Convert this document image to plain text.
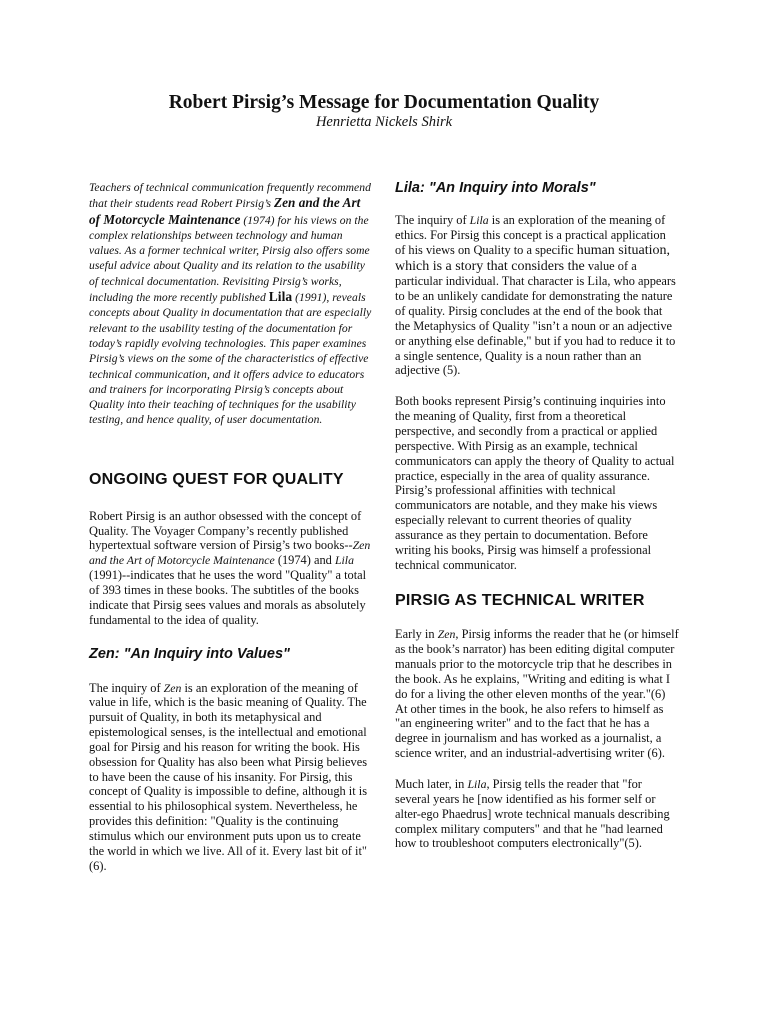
Robert Pirsig’s Message for Documentation Quality

Henrietta Nickels Shirk

Teachers of technical communication frequently recommend that their students read Robert Pirsig’s Zen and the Art of Motorcycle Maintenance (1974) for his views on the complex relationships between technology and human values. As a former technical writer, Pirsig also offers some useful advice about Quality and its relation to the usability of technical documentation. Revisiting Pirsig’s works, including the more recently published Lila (1991), reveals concepts about Quality in documentation that are especially relevant to the usability testing of the documentation for today’s rapidly evolving technologies. This paper examines Pirsig’s views on the some of the characteristics of effective technical communication, and it offers advice to educators and trainers for incorporating Pirsig’s concepts about Quality into their teaching of techniques for the usability testing, and hence quality, of user documentation.

ONGOING QUEST FOR QUALITY

Robert Pirsig is an author obsessed with the concept of Quality. The Voyager Company’s recently published hypertextual software version of Pirsig’s two books--Zen and the Art of Motorcycle Maintenance (1974) and Lila (1991)--indicates that he uses the word "Quality" a total of 393 times in these books. The subtitles of the books indicate that Pirsig sees values and morals as absolutely fundamental to the idea of quality.

Zen: "An Inquiry into Values"

The inquiry of Zen is an exploration of the meaning of value in life, which is the basic meaning of Quality. The pursuit of Quality, in both its metaphysical and epistemological senses, is the intellectual and emotional goal for Pirsig and his reason for writing the book. His obsession for Quality has also been what Pirsig believes to have been the cause of his insanity. For Pirsig, this concept of Quality is impossible to define, although it is essential to his philosophical system. Nevertheless, he provides this definition: "Quality is the continuing stimulus which our environment puts upon us to create the world in which we live. All of it. Every last bit of it" (6).

Lila: "An Inquiry into Morals"

The inquiry of Lila is an exploration of the meaning of ethics. For Pirsig this concept is a practical application of his views on Quality to a specific human situation, which is a story that considers the value of a particular individual. That character is Lila, who appears to be an unlikely candidate for demonstrating the nature of quality. Pirsig concludes at the end of the book that the Metaphysics of Quality "isn’t a noun or an adjective or anything else definable," but if you had to reduce it to a single sentence, Quality is a noun rather than an adjective (5).

Both books represent Pirsig’s continuing inquiries into the meaning of Quality, first from a theoretical perspective, and secondly from a practical or applied perspective. With Pirsig as an example, technical communicators can apply the theory of Quality to actual practice, especially in the area of quality assurance. Pirsig’s professional affinities with technical communicators are notable, and they make his views especially relevant to current theories of quality assurance as they pertain to documentation. Before writing his books, Pirsig was himself a professional technical communicator.

PIRSIG AS TECHNICAL WRITER

Early in Zen, Pirsig informs the reader that he (or himself as the book’s narrator) has been editing digital computer manuals prior to the motorcycle trip that he describes in the book. As he explains, "Writing and editing is what I do for a living the other eleven months of the year."(6) At other times in the book, he also refers to himself as "an engineering writer" and to the fact that he has a degree in journalism and has worked as a journalist, a science writer, and an industrial-advertising writer (6).

Much later, in Lila, Pirsig tells the reader that "for several years he [now identified as his former self or alter-ego Phaedrus] wrote technical manuals describing complex military computers" and that he "had learned how to troubleshoot computers electronically"(5).
